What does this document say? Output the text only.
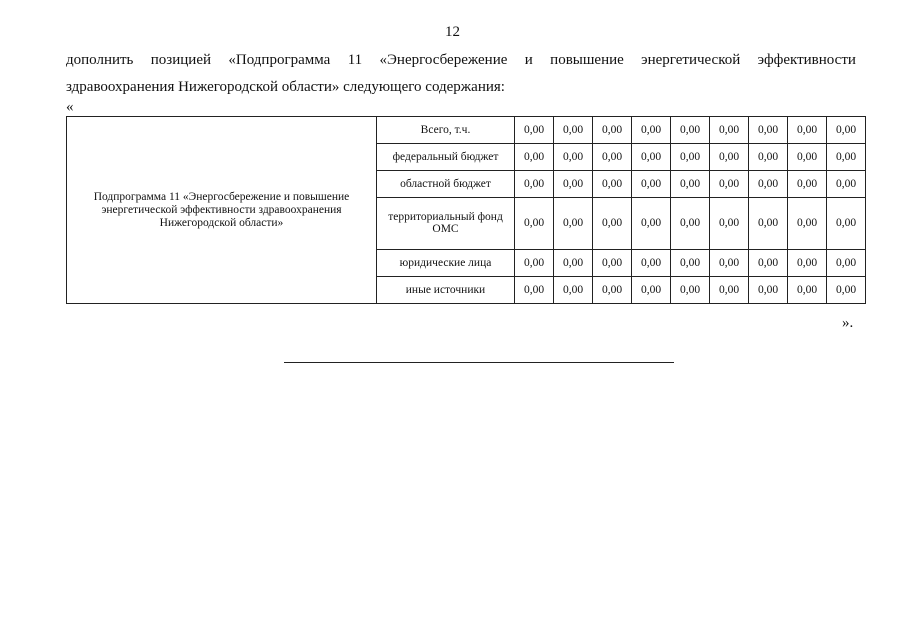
12
дополнить позицией «Подпрограмма 11 «Энергосбережение и повышение энергетической эффективности
здравоохранения Нижегородской области» следующего содержания:
«
Подпрограмма 11 «Энергосбережение и повышение энергетической эффективности здравоохранения Нижегородской области»	Всего, т.ч.	0,00	0,00	0,00	0,00	0,00	0,00	0,00	0,00	0,00
	федеральный бюджет	0,00	0,00	0,00	0,00	0,00	0,00	0,00	0,00	0,00
	областной бюджет	0,00	0,00	0,00	0,00	0,00	0,00	0,00	0,00	0,00
	территориальный фонд ОМС	0,00	0,00	0,00	0,00	0,00	0,00	0,00	0,00	0,00
	юридические лица	0,00	0,00	0,00	0,00	0,00	0,00	0,00	0,00	0,00
	иные источники	0,00	0,00	0,00	0,00	0,00	0,00	0,00	0,00	0,00
».
